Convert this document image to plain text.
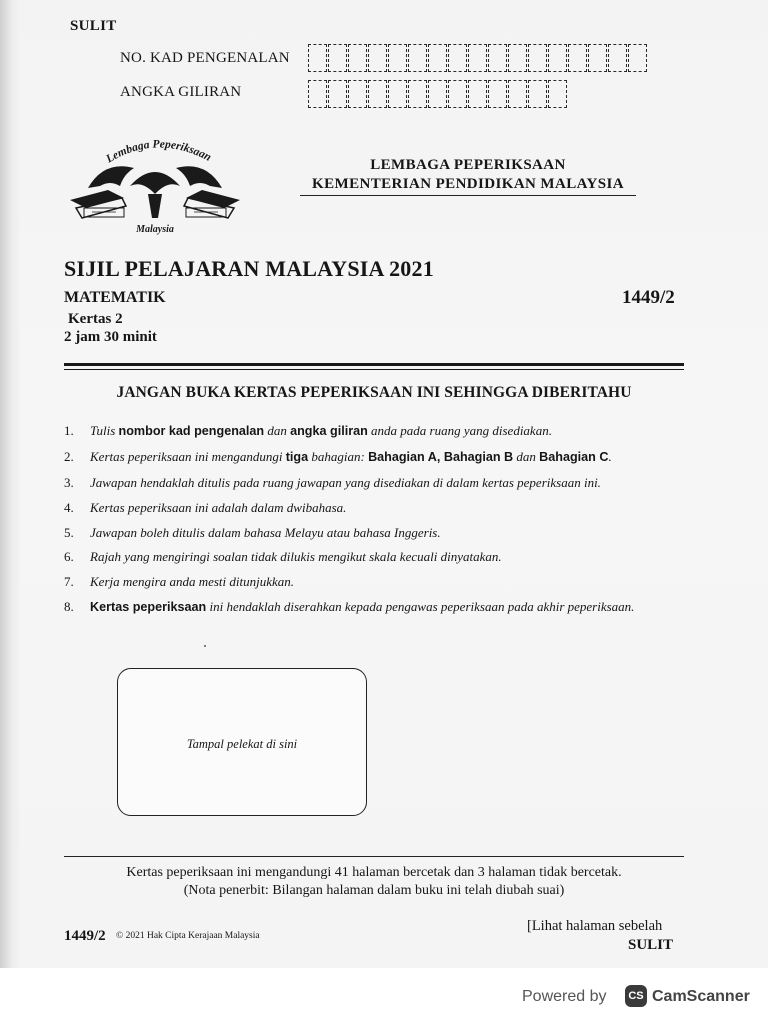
SULIT
NO. KAD PENGENALAN
ANGKA GILIRAN
Lembaga Peperiksaan
Malaysia
LEMBAGA PEPERIKSAAN
KEMENTERIAN PENDIDIKAN MALAYSIA
SIJIL PELAJARAN MALAYSIA 2021
MATEMATIK	1449/2
Kertas 2
2 jam 30 minit
JANGAN BUKA KERTAS PEPERIKSAAN INI SEHINGGA DIBERITAHU
1. Tulis nombor kad pengenalan dan angka giliran anda pada ruang yang disediakan.
2. Kertas peperiksaan ini mengandungi tiga bahagian: Bahagian A, Bahagian B dan Bahagian C.
3. Jawapan hendaklah ditulis pada ruang jawapan yang disediakan di dalam kertas peperiksaan ini.
4. Kertas peperiksaan ini adalah dalam dwibahasa.
5. Jawapan boleh ditulis dalam bahasa Melayu atau bahasa Inggeris.
6. Rajah yang mengiringi soalan tidak dilukis mengikut skala kecuali dinyatakan.
7. Kerja mengira anda mesti ditunjukkan.
8. Kertas peperiksaan ini hendaklah diserahkan kepada pengawas peperiksaan pada akhir peperiksaan.
Tampal pelekat di sini
Kertas peperiksaan ini mengandungi 41 halaman bercetak dan 3 halaman tidak bercetak.
(Nota penerbit: Bilangan halaman dalam buku ini telah diubah suai)
1449/2 © 2021 Hak Cipta Kerajaan Malaysia
[Lihat halaman sebelah
SULIT
Powered by	CS CamScanner
